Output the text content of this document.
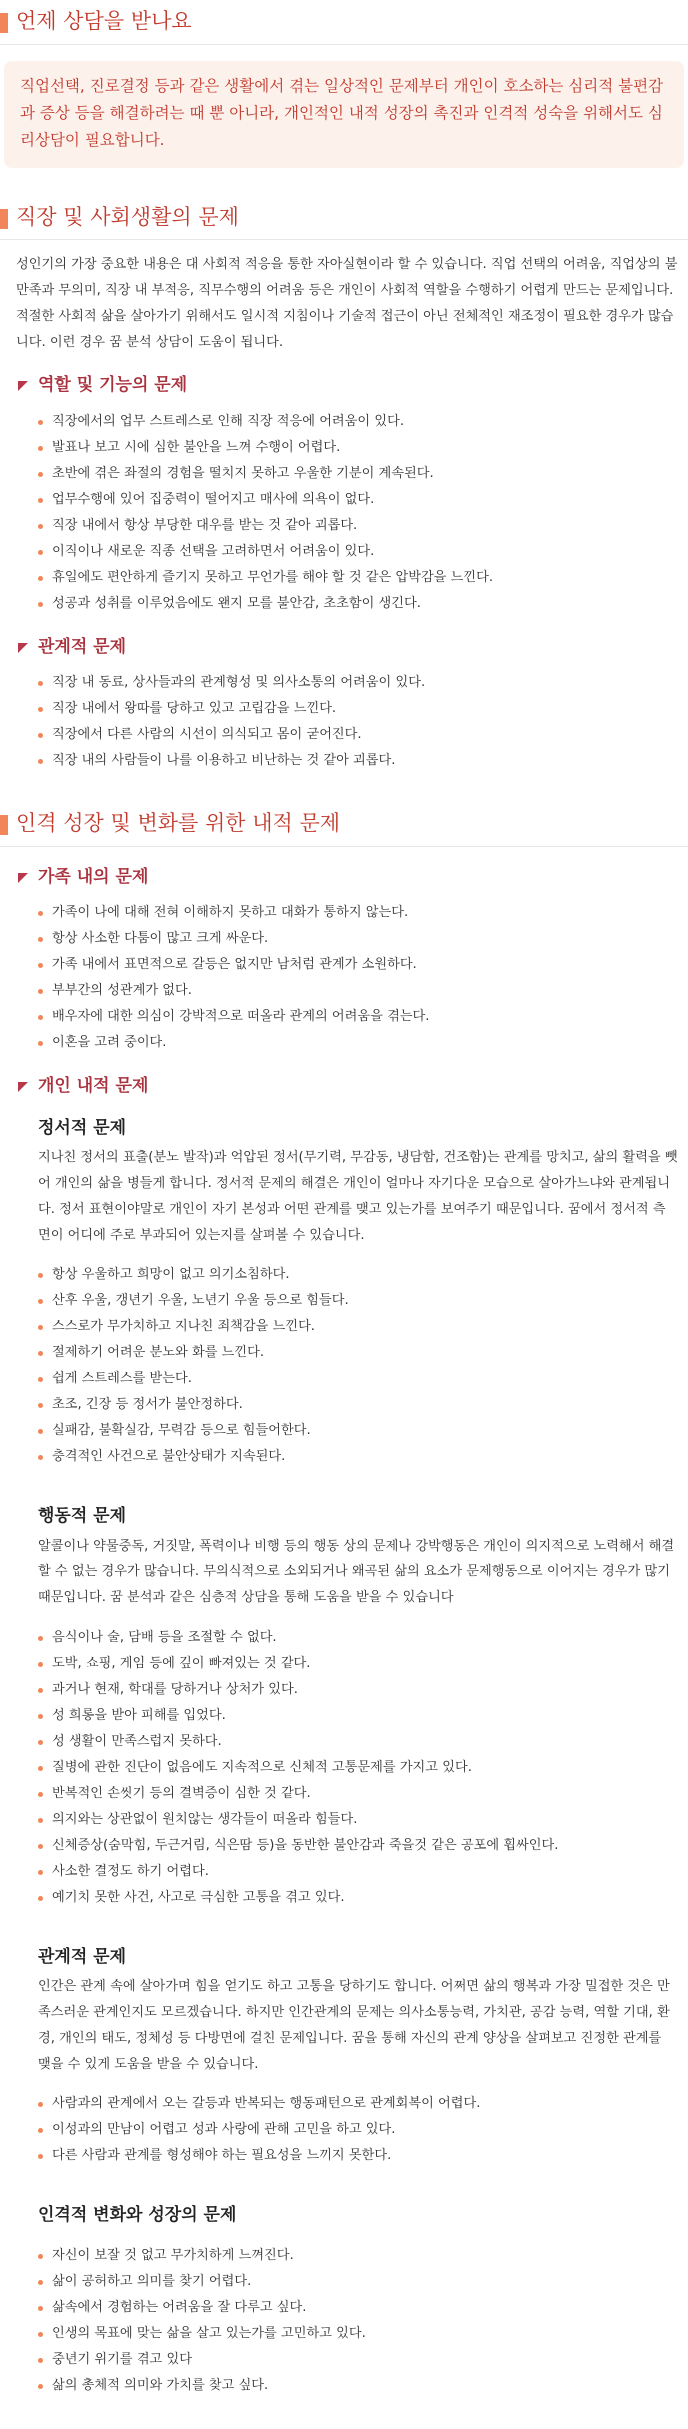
언제 상담을 받나요
직업선택, 진로결정 등과 같은 생활에서 겪는 일상적인 문제부터 개인이 호소하는 심리적 불편감과 증상 등을 해결하려는 때 뿐 아니라, 개인적인 내적 성장의 촉진과 인격적 성숙을 위해서도 심리상담이 필요합니다.
직장 및 사회생활의 문제

성인기의 가장 중요한 내용은 대 사회적 적응을 통한 자아실현이라 할 수 있습니다. 직업 선택의 어려움, 직업상의 불만족과 무의미, 직장 내 부적응, 직무수행의 어려움 등은 개인이 사회적 역할을 수행하기 어렵게 만드는 문제입니다. 적절한 사회적 삶을 살아가기 위해서도 일시적 지침이나 기술적 접근이 아닌 전체적인 재조정이 필요한 경우가 많습니다. 이런 경우 꿈 분석 상담이 도움이 됩니다.

역할 및 기능의 문제
직장에서의 업무 스트레스로 인해 직장 적응에 어려움이 있다.
발표나 보고 시에 심한 불안을 느껴 수행이 어렵다.
초반에 겪은 좌절의 경험을 떨치지 못하고 우울한 기분이 계속된다.
업무수행에 있어 집중력이 떨어지고 매사에 의욕이 없다.
직장 내에서 항상 부당한 대우를 받는 것 같아 괴롭다.
이직이나 새로운 직종 선택을 고려하면서 어려움이 있다.
휴일에도 편안하게 즐기지 못하고 무언가를 해야 할 것 같은 압박감을 느낀다.
성공과 성취를 이루었음에도 왠지 모를 불안감, 초초함이 생긴다.
관계적 문제
직장 내 동료, 상사들과의 관계형성 및 의사소통의 어려움이 있다.
직장 내에서 왕따를 당하고 있고 고립감을 느낀다.
직장에서 다른 사람의 시선이 의식되고 몸이 굳어진다.
직장 내의 사람들이 나를 이용하고 비난하는 것 같아 괴롭다.
인격 성장 및 변화를 위한 내적 문제
가족 내의 문제
가족이 나에 대해 전혀 이해하지 못하고 대화가 통하지 않는다.
항상 사소한 다툼이 많고 크게 싸운다.
가족 내에서 표면적으로 갈등은 없지만 남처럼 관계가 소원하다.
부부간의 성관계가 없다.
배우자에 대한 의심이 강박적으로 떠올라 관계의 어려움을 겪는다.
이혼을 고려 중이다.
개인 내적 문제
정서적 문제

지나친 정서의 표출(분노 발작)과 억압된 정서(무기력, 무감동, 냉담함, 건조함)는 관계를 망치고, 삶의 활력을 뺏어 개인의 삶을 병들게 합니다. 정서적 문제의 해결은 개인이 얼마나 자기다운 모습으로 살아가느냐와 관계됩니다. 정서 표현이야말로 개인이 자기 본성과 어떤 관계를 맺고 있는가를 보여주기 때문입니다. 꿈에서 정서적 측면이 어디에 주로 부과되어 있는지를 살펴볼 수 있습니다.

항상 우울하고 희망이 없고 의기소침하다.
산후 우울, 갱년기 우울, 노년기 우울 등으로 힘들다.
스스로가 무가치하고 지나친 죄책감을 느낀다.
절제하기 어려운 분노와 화를 느낀다.
쉽게 스트레스를 받는다.
초조, 긴장 등 정서가 불안정하다.
실패감, 불확실감, 무력감 등으로 힘들어한다.
충격적인 사건으로 불안상태가 지속된다.
행동적 문제

알콜이나 약물중독, 거짓말, 폭력이나 비행 등의 행동 상의 문제나 강박행동은 개인이 의지적으로 노력해서 해결할 수 없는 경우가 많습니다. 무의식적으로 소외되거나 왜곡된 삶의 요소가 문제행동으로 이어지는 경우가 많기 때문입니다. 꿈 분석과 같은 심층적 상담을 통해 도움을 받을 수 있습니다

음식이나 술, 담배 등을 조절할 수 없다.
도박, 쇼핑, 게임 등에 깊이 빠져있는 것 같다.
과거나 현재, 학대를 당하거나 상처가 있다.
성 희롱을 받아 피해를 입었다.
성 생활이 만족스럽지 못하다.
질병에 관한 진단이 없음에도 지속적으로 신체적 고통문제를 가지고 있다.
반복적인 손씻기 등의 결벽증이 심한 것 같다.
의지와는 상관없이 원치않는 생각들이 떠올라 힘들다.
신체증상(숨막힘, 두근거림, 식은땀 등)을 동반한 불안감과 죽을것 같은 공포에 휩싸인다.
사소한 결정도 하기 어렵다.
예기치 못한 사건, 사고로 극심한 고통을 겪고 있다.
관계적 문제

인간은 관계 속에 살아가며 힘을 얻기도 하고 고통을 당하기도 합니다. 어쩌면 삶의 행복과 가장 밀접한 것은 만족스러운 관계인지도 모르겠습니다. 하지만 인간관계의 문제는 의사소통능력, 가치관, 공감 능력, 역할 기대, 환경, 개인의 태도, 정체성 등 다방면에 걸친 문제입니다. 꿈을 통해 자신의 관계 양상을 살펴보고 진정한 관계를 맺을 수 있게 도움을 받을 수 있습니다.

사람과의 관계에서 오는 갈등과 반복되는 행동패턴으로 관계회복이 어렵다.
이성과의 만남이 어렵고 성과 사랑에 관해 고민을 하고 있다.
다른 사람과 관계를 형성해야 하는 필요성을 느끼지 못한다.
인격적 변화와 성장의 문제
자신이 보잘 것 없고 무가치하게 느껴진다.
삶이 공허하고 의미를 찾기 어렵다.
삶속에서 경험하는 어려움을 잘 다루고 싶다.
인생의 목표에 맞는 삶을 살고 있는가를 고민하고 있다.
중년기 위기를 겪고 있다
삶의 총체적 의미와 가치를 찾고 싶다.
